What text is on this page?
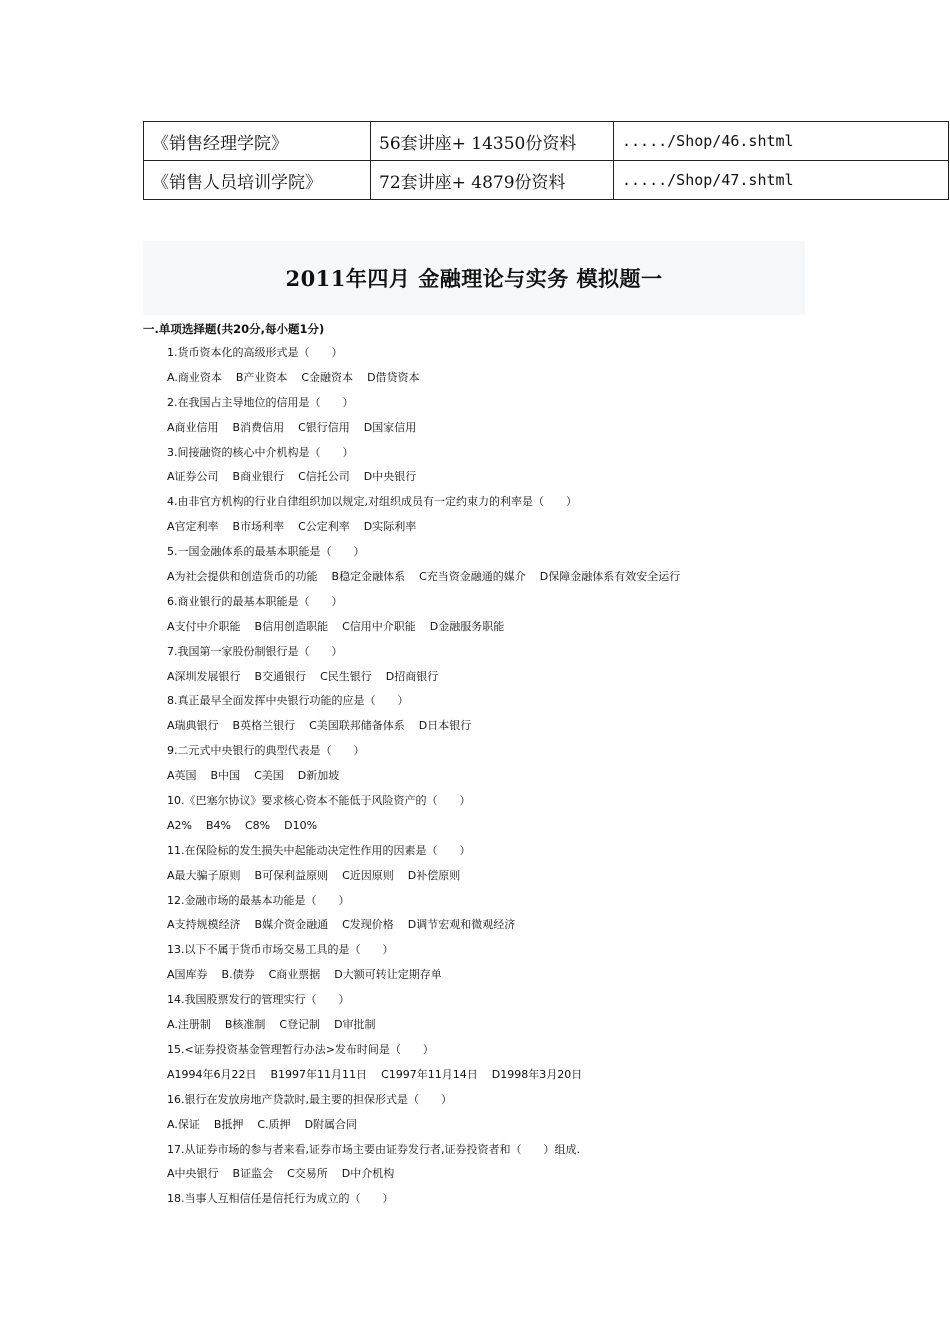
《销售经理学院》	56套讲座+ 14350份资料	...../Shop/46.shtml
《销售人员培训学院》	72套讲座+ 4879份资料	...../Shop/47.shtml
2011年四月 金融理论与实务 模拟题一
一.单项选择题(共20分,每小题1分)
1.货币资本化的高级形式是（　　）
A.商业资本 B产业资本 C金融资本 D借贷资本
2.在我国占主导地位的信用是（　　）
A商业信用 B消费信用 C银行信用 D国家信用
3.间接融资的核心中介机构是（　　）
A证券公司 B商业银行 C信托公司 D中央银行
4.由非官方机构的行业自律组织加以规定,对组织成员有一定约束力的利率是（　　）
A官定利率 B市场利率 C公定利率 D实际利率
5.一国金融体系的最基本职能是（　　）
A为社会提供和创造货币的功能 B稳定金融体系 C充当资金融通的媒介 D保障金融体系有效安全运行
6.商业银行的最基本职能是（　　）
A支付中介职能 B信用创造职能 C信用中介职能 D金融服务职能
7.我国第一家股份制银行是（　　）
A深圳发展银行 B交通银行 C民生银行 D招商银行
8.真正最早全面发挥中央银行功能的应是（　　）
A瑞典银行 B英格兰银行 C美国联邦储备体系 D日本银行
9.二元式中央银行的典型代表是（　　）
A英国 B中国 C美国 D新加坡
10.《巴塞尔协议》要求核心资本不能低于风险资产的（　　）
A2% B4% C8% D10%
11.在保险标的发生损失中起能动决定性作用的因素是（　　）
A最大骗子原则 B可保利益原则 C近因原则 D补偿原则
12.金融市场的最基本功能是（　　）
A支持规模经济 B媒介资金融通 C发现价格 D调节宏观和微观经济
13.以下不属于货币市场交易工具的是（　　）
A国库券 B.债券 C商业票据 D大额可转让定期存单
14.我国股票发行的管理实行（　　）
A.注册制 B核准制 C登记制 D审批制
15.<证券投资基金管理暂行办法>发布时间是（　　）
A1994年6月22日 B1997年11月11日 C1997年11月14日 D1998年3月20日
16.银行在发放房地产贷款时,最主要的担保形式是（　　）
A.保证 B抵押 C.质押 D附属合同
17.从证券市场的参与者来看,证券市场主要由证券发行者,证券投资者和（　　）组成.
A中央银行 B证监会 C交易所 D中介机构
18.当事人互相信任是信托行为成立的（　　）
